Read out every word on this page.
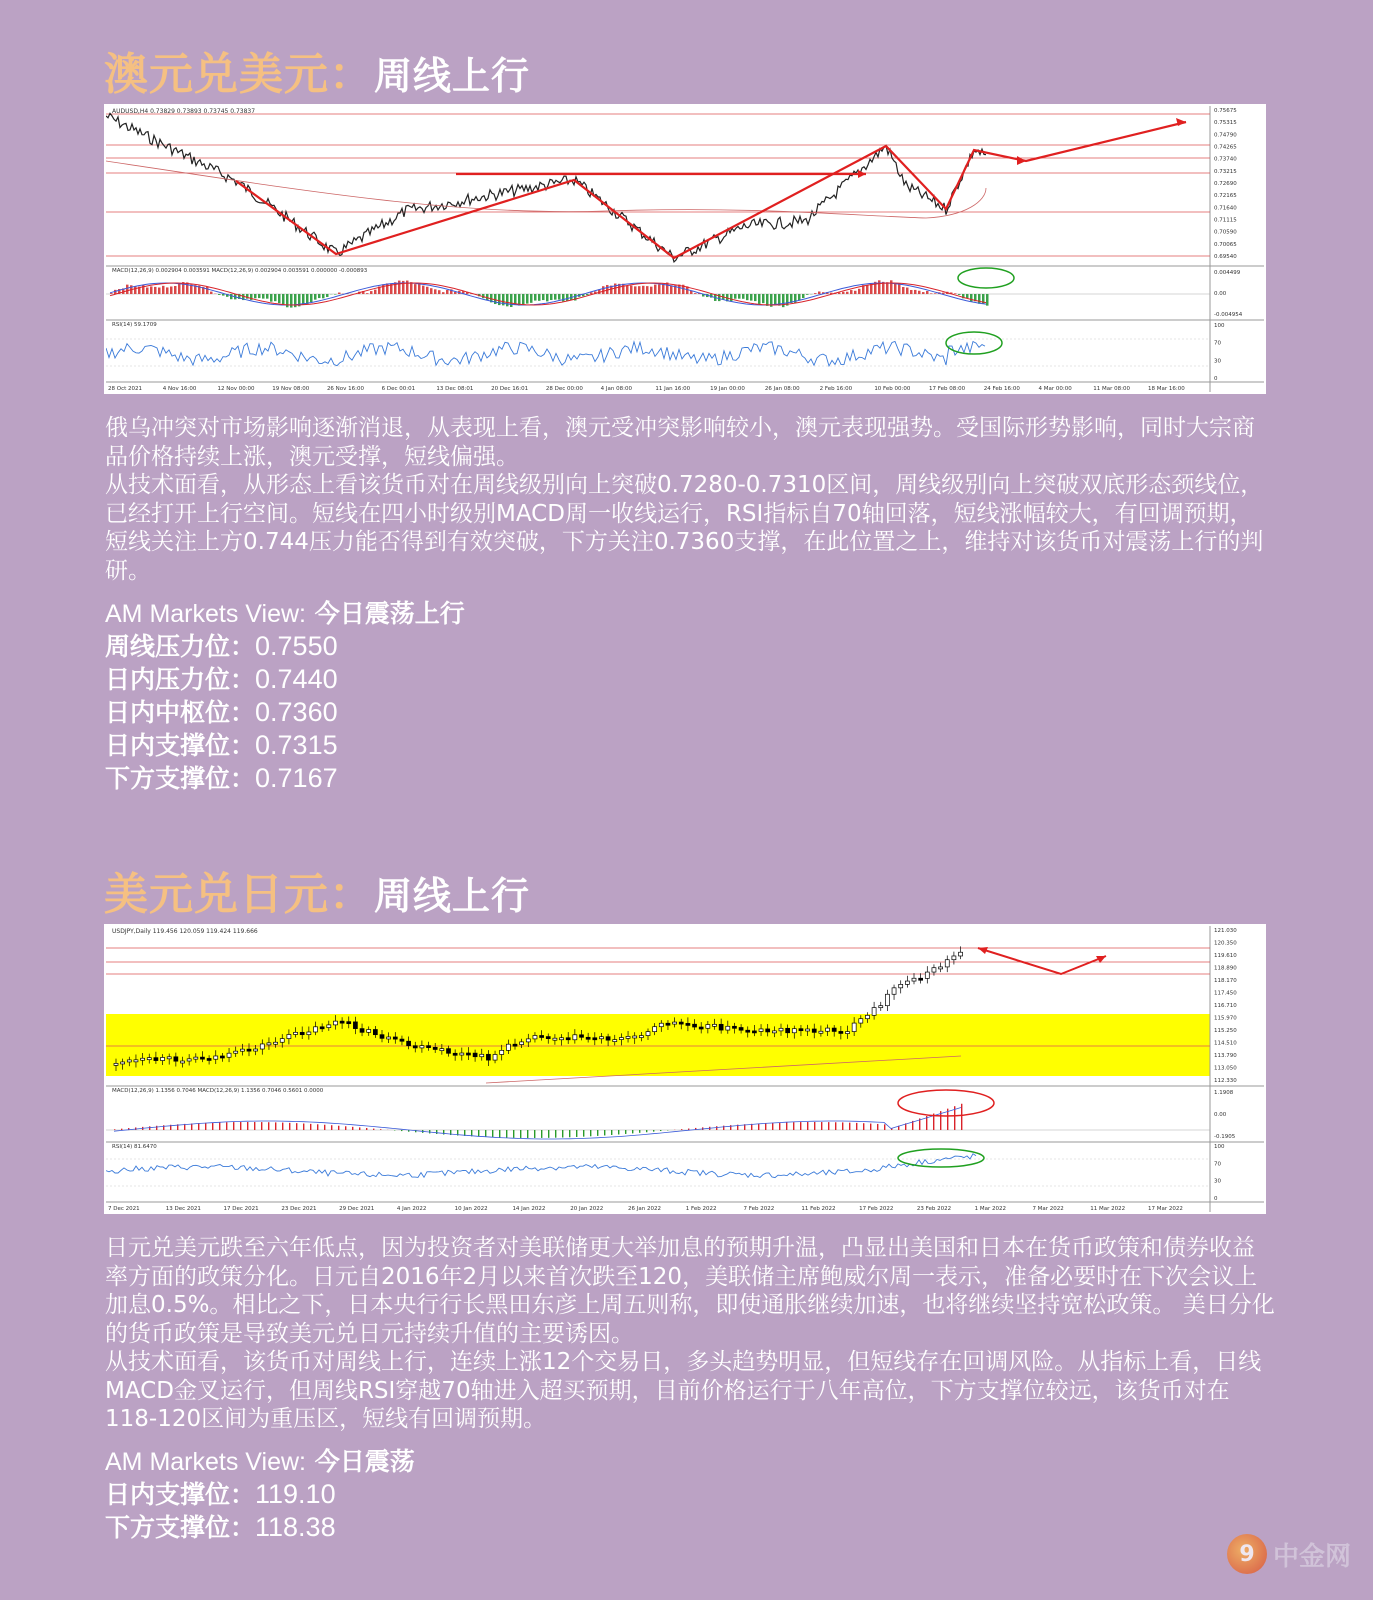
澳元兑美元：周线上行
AUDUSD,H4 0.73829 0.73893 0.73745 0.73837
MACD(12,26,9) 0.002904 0.003591 MACD(12,26,9) 0.002904 0.003591 0.000000 -0.000893
RSI(14) 59.1709
0.75675
0.75315
0.74790
0.74265
0.73740
0.73215
0.72690
0.72165
0.71640
0.71115
0.70590
0.70065
0.69540
0.004499
0.00
-0.004954
100
70
30
0
28 Oct 2021	4 Nov 16:00	12 Nov 00:00	19 Nov 08:00	26 Nov 16:00	6 Dec 00:01	13 Dec 08:01	20 Dec 16:01	28 Dec 00:00	4 Jan 08:00	11 Jan 16:00	19 Jan 00:00	26 Jan 08:00	2 Feb 16:00	10 Feb 00:00	17 Feb 08:00	24 Feb 16:00	4 Mar 00:00	11 Mar 08:00	18 Mar 16:00

俄乌冲突对市场影响逐渐消退，从表现上看，澳元受冲突影响较小，澳元表现强势。受国际形势影响，同时大宗商品价格持续上涨，澳元受撑，短线偏强。

从技术面看，从形态上看该货币对在周线级别向上突破0.7280-0.7310区间，周线级别向上突破双底形态颈线位，已经打开上行空间。短线在四小时级别MACD周一收线运行，RSI指标自70轴回落，短线涨幅较大，有回调预期，短线关注上方0.744压力能否得到有效突破，下方关注0.7360支撑，在此位置之上，维持对该货币对震荡上行的判研。

AM Markets View: 今日震荡上行
周线压力位：0.7550
日内压力位：0.7440
日内中枢位：0.7360
日内支撑位：0.7315
下方支撑位：0.7167
美元兑日元：周线上行
USDJPY,Daily 119.456 120.059 119.424 119.666
MACD(12,26,9) 1.1356 0.7046 MACD(12,26,9) 1.1356 0.7046 0.5601 0.0000
RSI(14) 81.6470
121.030
120.350
119.610
118.890
118.170
117.450
116.710
115.970
115.250
114.510
113.790
113.050
112.330
1.1908
0.00
-0.1905
100
70
30
0
7 Dec 2021	13 Dec 2021	17 Dec 2021	23 Dec 2021	29 Dec 2021	4 Jan 2022	10 Jan 2022	14 Jan 2022	20 Jan 2022	26 Jan 2022	1 Feb 2022	7 Feb 2022	11 Feb 2022	17 Feb 2022	23 Feb 2022	1 Mar 2022	7 Mar 2022	11 Mar 2022	17 Mar 2022

日元兑美元跌至六年低点，因为投资者对美联储更大举加息的预期升温，凸显出美国和日本在货币政策和债券收益率方面的政策分化。日元自2016年2月以来首次跌至120，美联储主席鲍威尔周一表示，准备必要时在下次会议上加息0.5%。相比之下，日本央行行长黑田东彦上周五则称，即使通胀继续加速，也将继续坚持宽松政策。 美日分化的货币政策是导致美元兑日元持续升值的主要诱因。

从技术面看，该货币对周线上行，连续上涨12个交易日，多头趋势明显，但短线存在回调风险。从指标上看，日线MACD金叉运行，但周线RSI穿越70轴进入超买预期，目前价格运行于八年高位，下方支撑位较远，该货币对在118-120区间为重压区，短线有回调预期。

AM Markets View: 今日震荡
日内支撑位：119.10
下方支撑位：118.38
9 中金网
